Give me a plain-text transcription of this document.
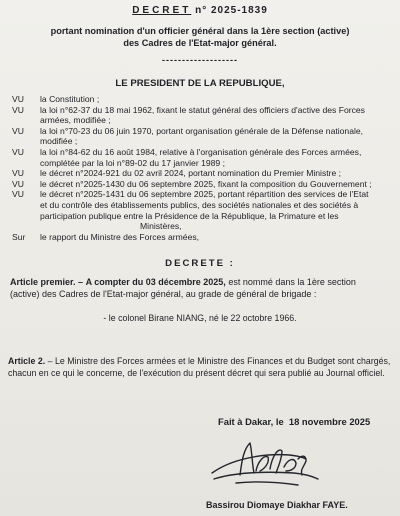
DECRET n° 2025-1839
portant nomination d'un officier général dans la 1ère section (active)
des Cadres de l'Etat-major général.
-------------------
LE PRESIDENT DE LA REPUBLIQUE,
VU la Constitution ;
VU la loi n°62-37 du 18 mai 1962, fixant le statut général des officiers d'active des Forces
armées, modifiée ;
VU la loi n°70-23 du 06 juin 1970, portant organisation générale de la Défense nationale,
modifiée ;
VU la loi n°84-62 du 16 août 1984, relative à l'organisation générale des Forces armées,
complétée par la loi n°89-02 du 17 janvier 1989 ;
VU le décret n°2024-921 du 02 avril 2024, portant nomination du Premier Ministre ;
VU le décret n°2025-1430 du 06 septembre 2025, fixant la composition du Gouvernement ;
VU le décret n°2025-1431 du 06 septembre 2025, portant répartition des services de l'Etat
et du contrôle des établissements publics, des sociétés nationales et des sociétés à
participation publique entre la Présidence de la République, la Primature et les
Ministères,
Sur le rapport du Ministre des Forces armées,
DECRETE :
Article premier. – A compter du 03 décembre 2025, est nommé dans la 1ère section
(active) des Cadres de l'Etat-major général, au grade de général de brigade :
- le colonel Birane NIANG, né le 22 octobre 1966.
Article 2. – Le Ministre des Forces armées et le Ministre des Finances et du Budget sont chargés,
chacun en ce qui le concerne, de l'exécution du présent décret qui sera publié au Journal officiel.
Fait à Dakar, le 18 novembre 2025
Bassirou Diomaye Diakhar FAYE.
